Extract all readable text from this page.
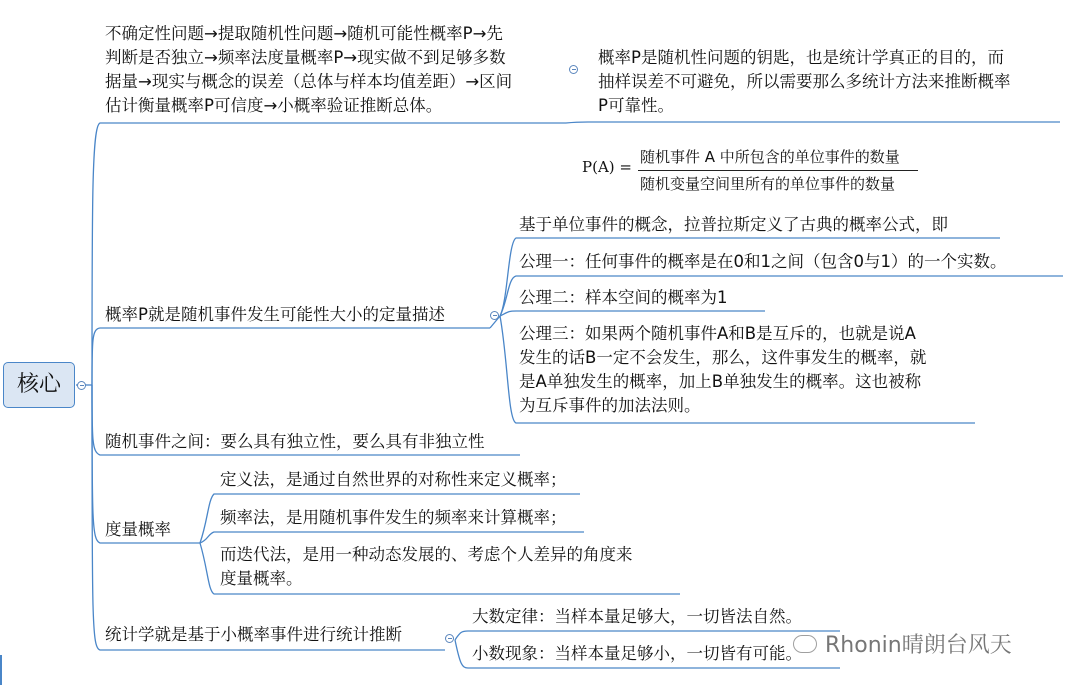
核心
不确定性问题→提取随机性问题→随机可能性概率P→先
判断是否独立→频率法度量概率P→现实做不到足够多数
据量→现实与概念的误差（总体与样本均值差距）→区间
估计衡量概率P可信度→小概率验证推断总体。
概率P是随机性问题的钥匙，也是统计学真正的目的，而
抽样误差不可避免，所以需要那么多统计方法来推断概率
P可靠性。
P(A) =
随机事件 A 中所包含的单位事件的数量
随机变量空间里所有的单位事件的数量
概率P就是随机事件发生可能性大小的定量描述
基于单位事件的概念，拉普拉斯定义了古典的概率公式，即
公理一：任何事件的概率是在0和1之间（包含0与1）的一个实数。
公理二：样本空间的概率为1
公理三：如果两个随机事件A和B是互斥的，也就是说A
发生的话B一定不会发生，那么，这件事发生的概率，就
是A单独发生的概率，加上B单独发生的概率。这也被称
为互斥事件的加法法则。
随机事件之间：要么具有独立性，要么具有非独立性
度量概率
定义法，是通过自然世界的对称性来定义概率；
频率法，是用随机事件发生的频率来计算概率；
而迭代法，是用一种动态发展的、考虑个人差异的角度来
度量概率。
统计学就是基于小概率事件进行统计推断
大数定律：当样本量足够大，一切皆法自然。
小数现象：当样本量足够小，一切皆有可能。	Rhonin晴朗台风天
